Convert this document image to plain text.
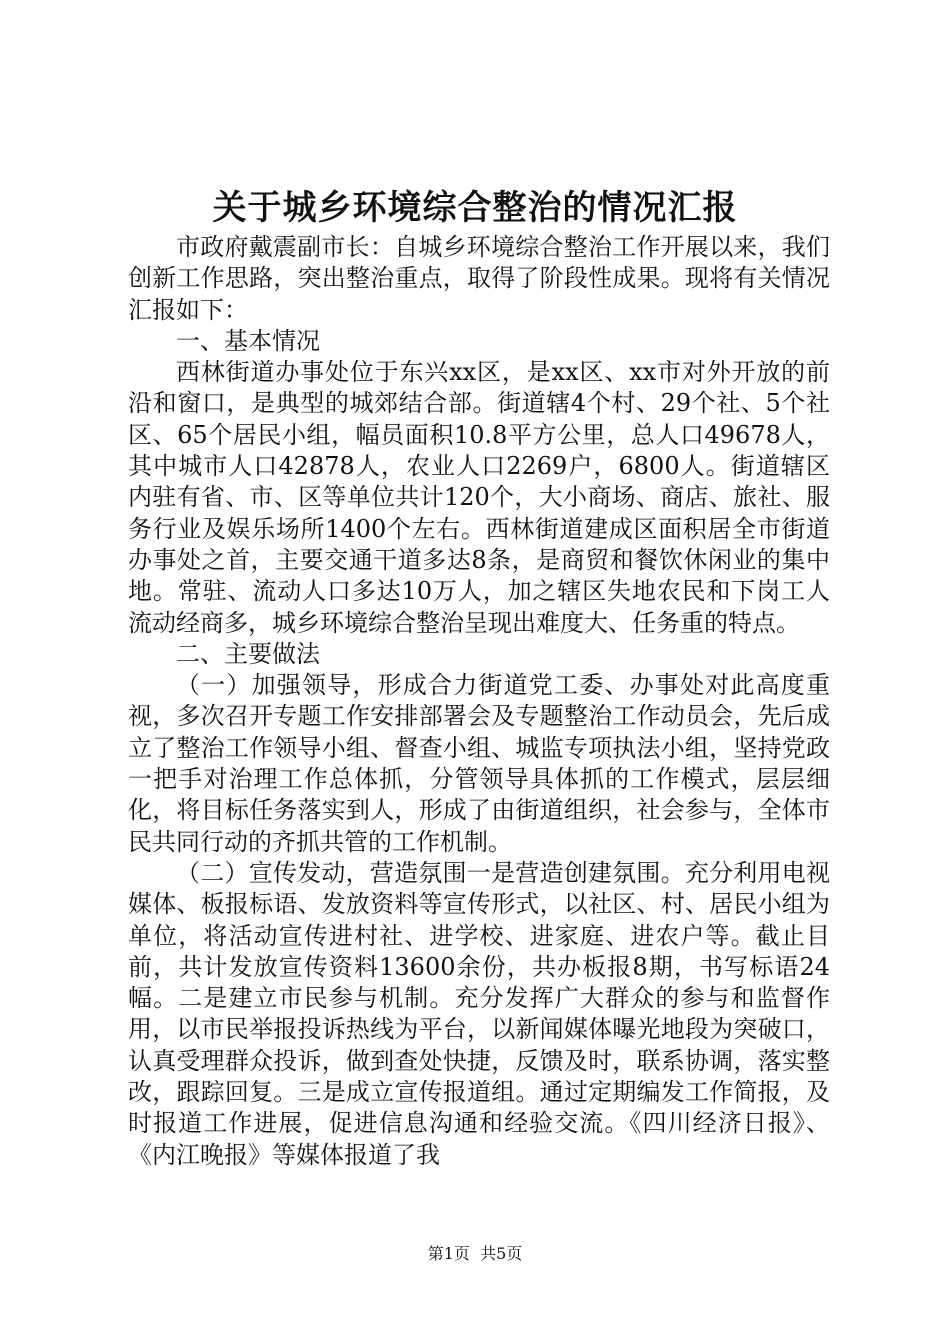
关于城乡环境综合整治的情况汇报

市政府戴震副市长：自城乡环境综合整治工作开展以来，我们创新工作思路，突出整治重点，取得了阶段性成果。现将有关情况汇报如下：

一、基本情况

西林街道办事处位于东兴xx区，是xx区、xx市对外开放的前沿和窗口，是典型的城郊结合部。街道辖4个村、29个社、5个社区、65个居民小组，幅员面积10.8平方公里，总人口49678人，其中城市人口42878人，农业人口2269户，6800人。街道辖区内驻有省、市、区等单位共计120个，大小商场、商店、旅社、服务行业及娱乐场所1400个左右。西林街道建成区面积居全市街道办事处之首，主要交通干道多达8条，是商贸和餐饮休闲业的集中地。常驻、流动人口多达10万人，加之辖区失地农民和下岗工人流动经商多，城乡环境综合整治呈现出难度大、任务重的特点。

二、主要做法

（一）加强领导，形成合力街道党工委、办事处对此高度重视，多次召开专题工作安排部署会及专题整治工作动员会，先后成立了整治工作领导小组、督查小组、城监专项执法小组，坚持党政一把手对治理工作总体抓，分管领导具体抓的工作模式，层层细化，将目标任务落实到人，形成了由街道组织，社会参与，全体市民共同行动的齐抓共管的工作机制。

（二）宣传发动，营造氛围一是营造创建氛围。充分利用电视媒体、板报标语、发放资料等宣传形式，以社区、村、居民小组为单位，将活动宣传进村社、进学校、进家庭、进农户等。截止目前，共计发放宣传资料13600余份，共办板报8期，书写标语24幅。二是建立市民参与机制。充分发挥广大群众的参与和监督作用，以市民举报投诉热线为平台，以新闻媒体曝光地段为突破口，认真受理群众投诉，做到查处快捷，反馈及时，联系协调，落实整改，跟踪回复。三是成立宣传报道组。通过定期编发工作简报，及时报道工作进展，促进信息沟通和经验交流。《四川经济日报》、《内江晚报》等媒体报道了我

第1页 共5页
